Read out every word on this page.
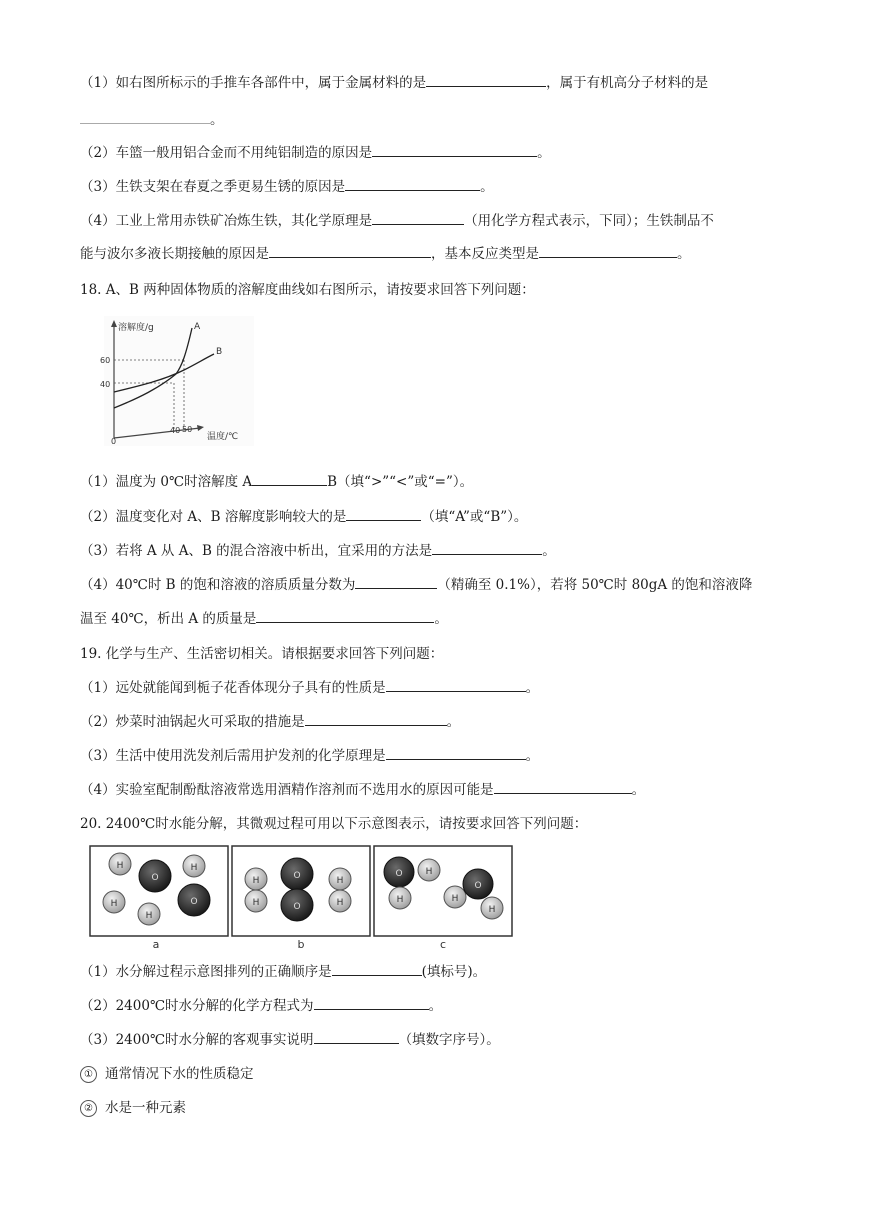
（1）如右图所标示的手推车各部件中，属于金属材料的是	，属于有机高分子材料的是
。
（2）车篮一般用铝合金而不用纯铝制造的原因是	。
（3）生铁支架在春夏之季更易生锈的原因是	。
（4）工业上常用赤铁矿冶炼生铁，其化学原理是	（用化学方程式表示，下同）；生铁制品不
能与波尔多液长期接触的原因是	，基本反应类型是	。
18. A、B 两种固体物质的溶解度曲线如右图所示，请按要求回答下列问题：
溶解度/g
温度/℃
60
40
0
40 50
A
B
（1）温度为 0℃时溶解度 A	B（填“>”“<”或“=”）。
（2）温度变化对 A、B 溶解度影响较大的是	（填“A”或“B”）。
（3）若将 A 从 A、B 的混合溶液中析出，宜采用的方法是	。
（4）40℃时 B 的饱和溶液的溶质质量分数为	（精确至 0.1%），若将 50℃时 80gA 的饱和溶液降
温至 40℃，析出 A 的质量是	。
19. 化学与生产、生活密切相关。请根据要求回答下列问题：
（1）远处就能闻到栀子花香体现分子具有的性质是	。
（2）炒菜时油锅起火可采取的措施是	。
（3）生活中使用洗发剂后需用护发剂的化学原理是	。
（4）实验室配制酚酞溶液常选用酒精作溶剂而不选用水的原因可能是	。
20. 2400℃时水能分解，其微观过程可用以下示意图表示，请按要求回答下列问题：
H
O
H
H
H
O
a
H
H
O
O
H
H
b
O	H
H	H
O
H
c
（1）水分解过程示意图排列的正确顺序是	(填标号)。
（2）2400℃时水分解的化学方程式为	。
（3）2400℃时水分解的客观事实说明	（填数字序号）。
① 通常情况下水的性质稳定
② 水是一种元素
